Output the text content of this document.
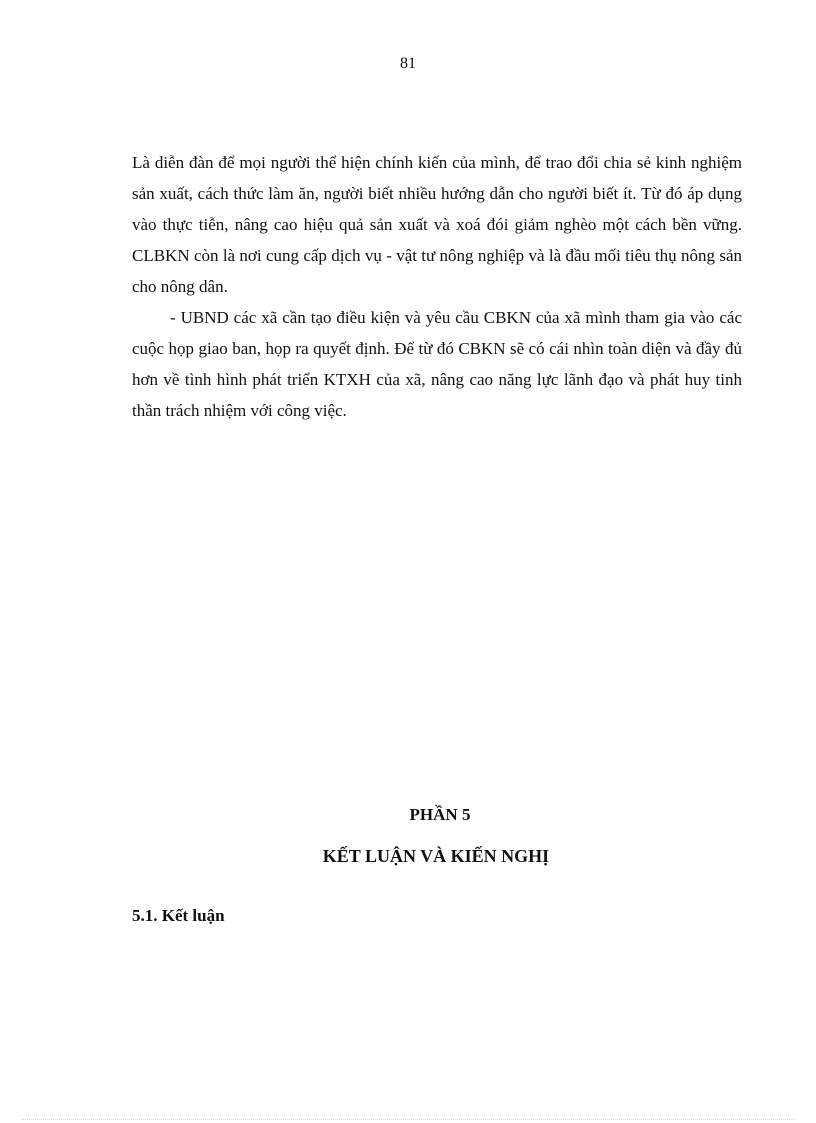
81

Là diễn đàn để mọi người thể hiện chính kiến của mình, để trao đổi chia sẻ kinh nghiệm sản xuất, cách thức làm ăn, người biết nhiều hướng dẫn cho người biết ít. Từ đó áp dụng vào thực tiễn, nâng cao hiệu quả sản xuất và xoá đói giảm nghèo một cách bền vững. CLBKN còn là nơi cung cấp dịch vụ - vật tư nông nghiệp và là đầu mối tiêu thụ nông sản cho nông dân.

- UBND các xã cần tạo điều kiện và yêu cầu CBKN của xã mình tham gia vào các cuộc họp giao ban, họp ra quyết định. Để từ đó CBKN sẽ có cái nhìn toàn diện và đầy đủ hơn về tình hình phát triển KTXH của xã, nâng cao năng lực lãnh đạo và phát huy tinh thần trách nhiệm với công việc.

PHẦN 5
KẾT LUẬN VÀ KIẾN NGHỊ
5.1. Kết luận
